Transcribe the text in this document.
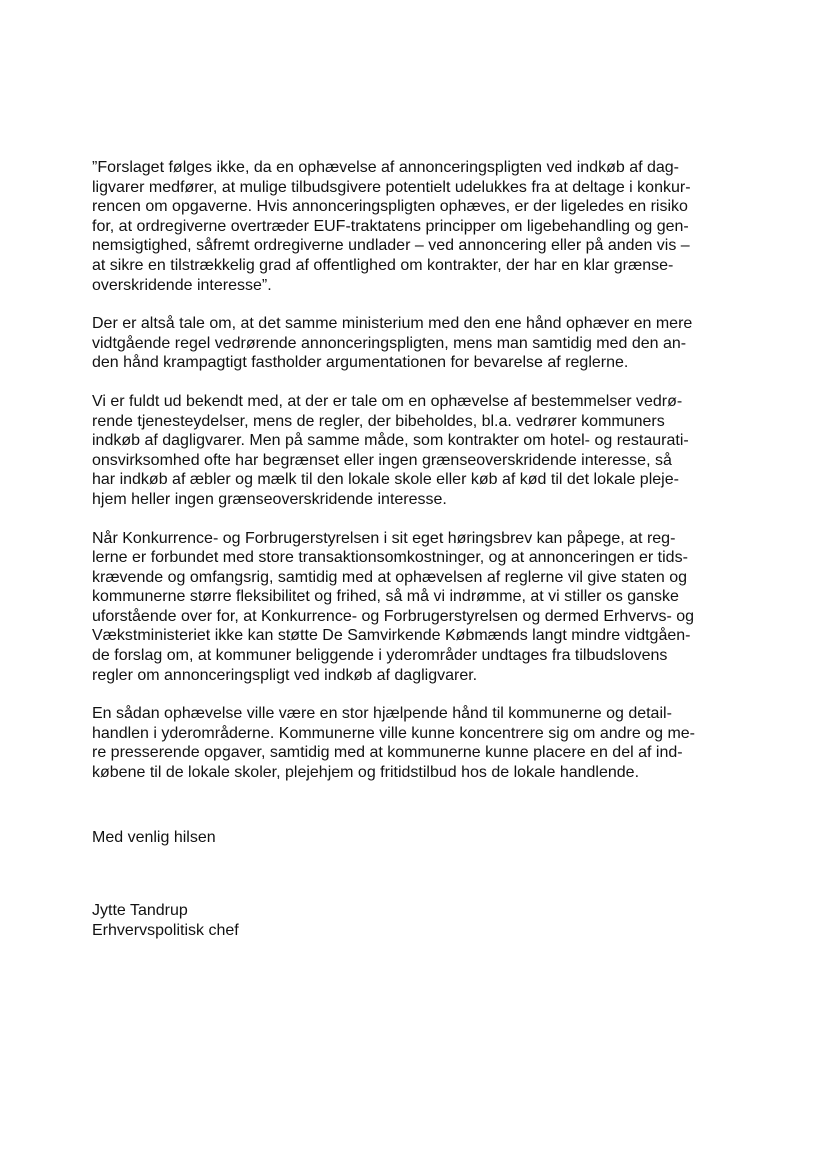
”Forslaget følges ikke, da en ophævelse af annonceringspligten ved indkøb af dag-
ligvarer medfører, at mulige tilbudsgivere potentielt udelukkes fra at deltage i konkur-
rencen om opgaverne. Hvis annonceringspligten ophæves, er der ligeledes en risiko
for, at ordregiverne overtræder EUF-traktatens principper om ligebehandling og gen-
nemsigtighed, såfremt ordregiverne undlader – ved annoncering eller på anden vis –
at sikre en tilstrækkelig grad af offentlighed om kontrakter, der har en klar grænse-
overskridende interesse”.

Der er altså tale om, at det samme ministerium med den ene hånd ophæver en mere
vidtgående regel vedrørende annonceringspligten, mens man samtidig med den an-
den hånd krampagtigt fastholder argumentationen for bevarelse af reglerne.

Vi er fuldt ud bekendt med, at der er tale om en ophævelse af bestemmelser vedrø-
rende tjenesteydelser, mens de regler, der bibeholdes, bl.a. vedrører kommuners
indkøb af dagligvarer. Men på samme måde, som kontrakter om hotel- og restaurati-
onsvirksomhed ofte har begrænset eller ingen grænseoverskridende interesse, så
har indkøb af æbler og mælk til den lokale skole eller køb af kød til det lokale pleje-
hjem heller ingen grænseoverskridende interesse.

Når Konkurrence- og Forbrugerstyrelsen i sit eget høringsbrev kan påpege, at reg-
lerne er forbundet med store transaktionsomkostninger, og at annonceringen er tids-
krævende og omfangsrig, samtidig med at ophævelsen af reglerne vil give staten og
kommunerne større fleksibilitet og frihed, så må vi indrømme, at vi stiller os ganske
uforstående over for, at Konkurrence- og Forbrugerstyrelsen og dermed Erhvervs- og
Vækstministeriet ikke kan støtte De Samvirkende Købmænds langt mindre vidtgåen-
de forslag om, at kommuner beliggende i yderområder undtages fra tilbudslovens
regler om annonceringspligt ved indkøb af dagligvarer.

En sådan ophævelse ville være en stor hjælpende hånd til kommunerne og detail-
handlen i yderområderne. Kommunerne ville kunne koncentrere sig om andre og me-
re presserende opgaver, samtidig med at kommunerne kunne placere en del af ind-
købene til de lokale skoler, plejehjem og fritidstilbud hos de lokale handlende.

Med venlig hilsen
Jytte Tandrup
Erhvervspolitisk chef
